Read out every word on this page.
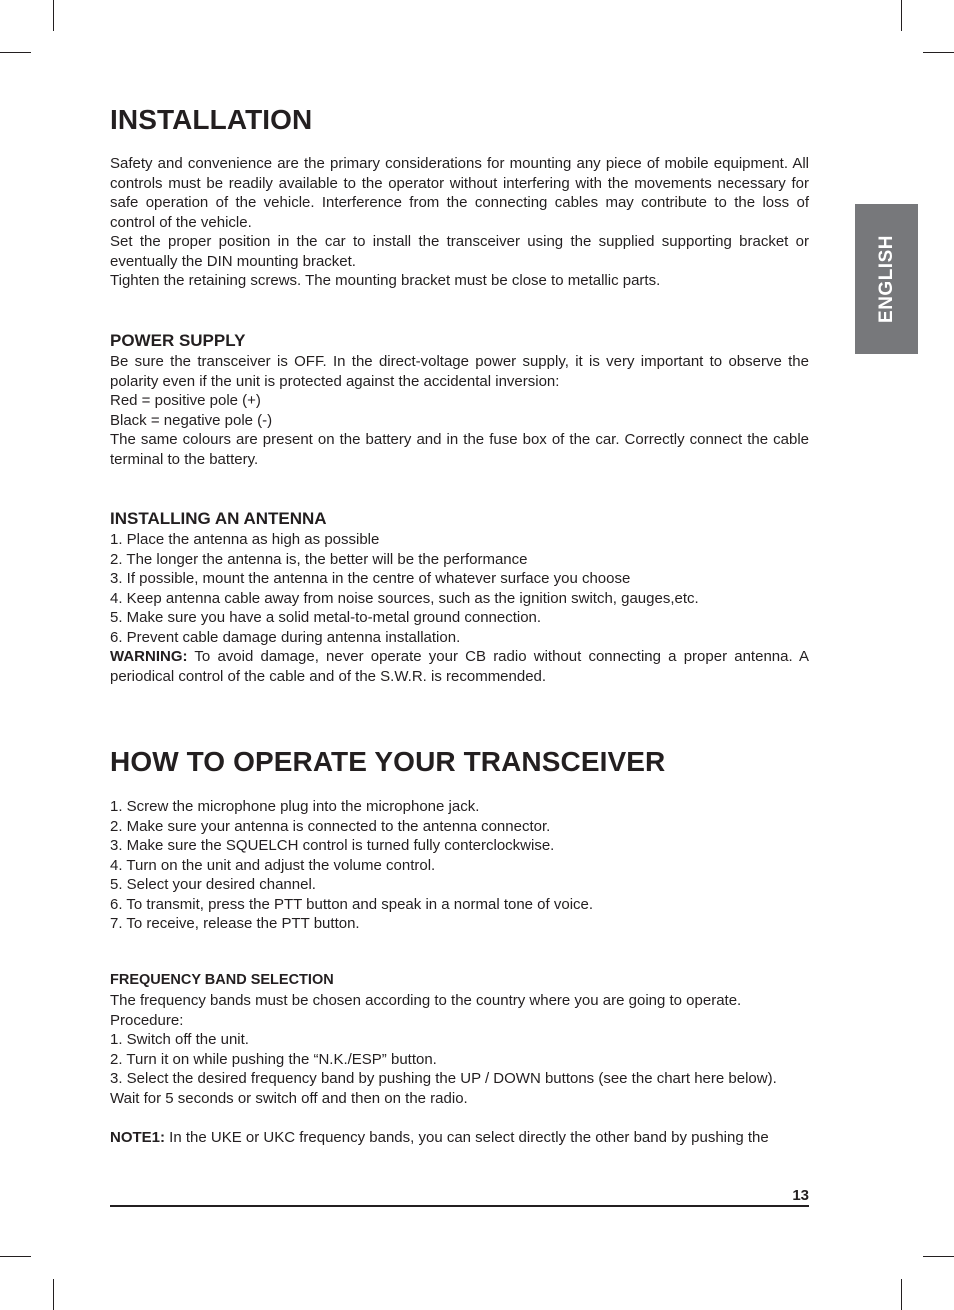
ENGLISH
INSTALLATION

Safety and convenience are the primary considerations for mounting any piece of mobile equipment. All controls must be readily available to the operator without interfering with the movements necessary for safe operation of the vehicle. Interference from the connecting cables may contribute to the loss of control of the vehicle.

Set the proper position in the car to install the transceiver using the supplied supporting bracket or eventually the DIN mounting bracket.

Tighten the retaining screws. The mounting bracket must be close to metallic parts.

POWER SUPPLY

Be sure the transceiver is OFF. In the direct-voltage power supply, it is very important to observe the polarity even if the unit is protected against the accidental inversion:

Red = positive pole (+)
Black = negative pole (-)

The same colours are present on the battery and in the fuse box of the car. Correctly connect the cable terminal to the battery.

INSTALLING AN ANTENNA
1. Place the antenna as high as possible
2. The longer the antenna is, the better will be the performance
3. If possible, mount the antenna in the centre of whatever surface you choose
4. Keep antenna cable away from noise sources, such as the ignition switch, gauges,etc.
5. Make sure you have a solid metal-to-metal ground connection.
6. Prevent cable damage during antenna installation.

WARNING: To avoid damage, never operate your CB radio without connecting a proper antenna. A periodical control of the cable and of the S.W.R. is recommended.

HOW TO OPERATE YOUR TRANSCEIVER
1. Screw the microphone plug into the microphone jack.
2. Make sure your antenna is connected to the antenna connector.
3. Make sure the SQUELCH control is turned fully conterclockwise.
4. Turn on the unit and adjust the volume control.
5. Select your desired channel.
6. To transmit, press the PTT button and speak in a normal tone of voice.
7. To receive, release the PTT button.
FREQUENCY BAND SELECTION
The frequency bands must be chosen according to the country where you are going to operate.
Procedure:
1. Switch off the unit.
2. Turn it on while pushing the “N.K./ESP” button.

3. Select the desired frequency band by pushing the UP / DOWN buttons (see the chart here below).

Wait for 5 seconds or switch off and then on the radio.

NOTE1: In the UKE or UKC frequency bands, you can select directly the other band by pushing the
13
